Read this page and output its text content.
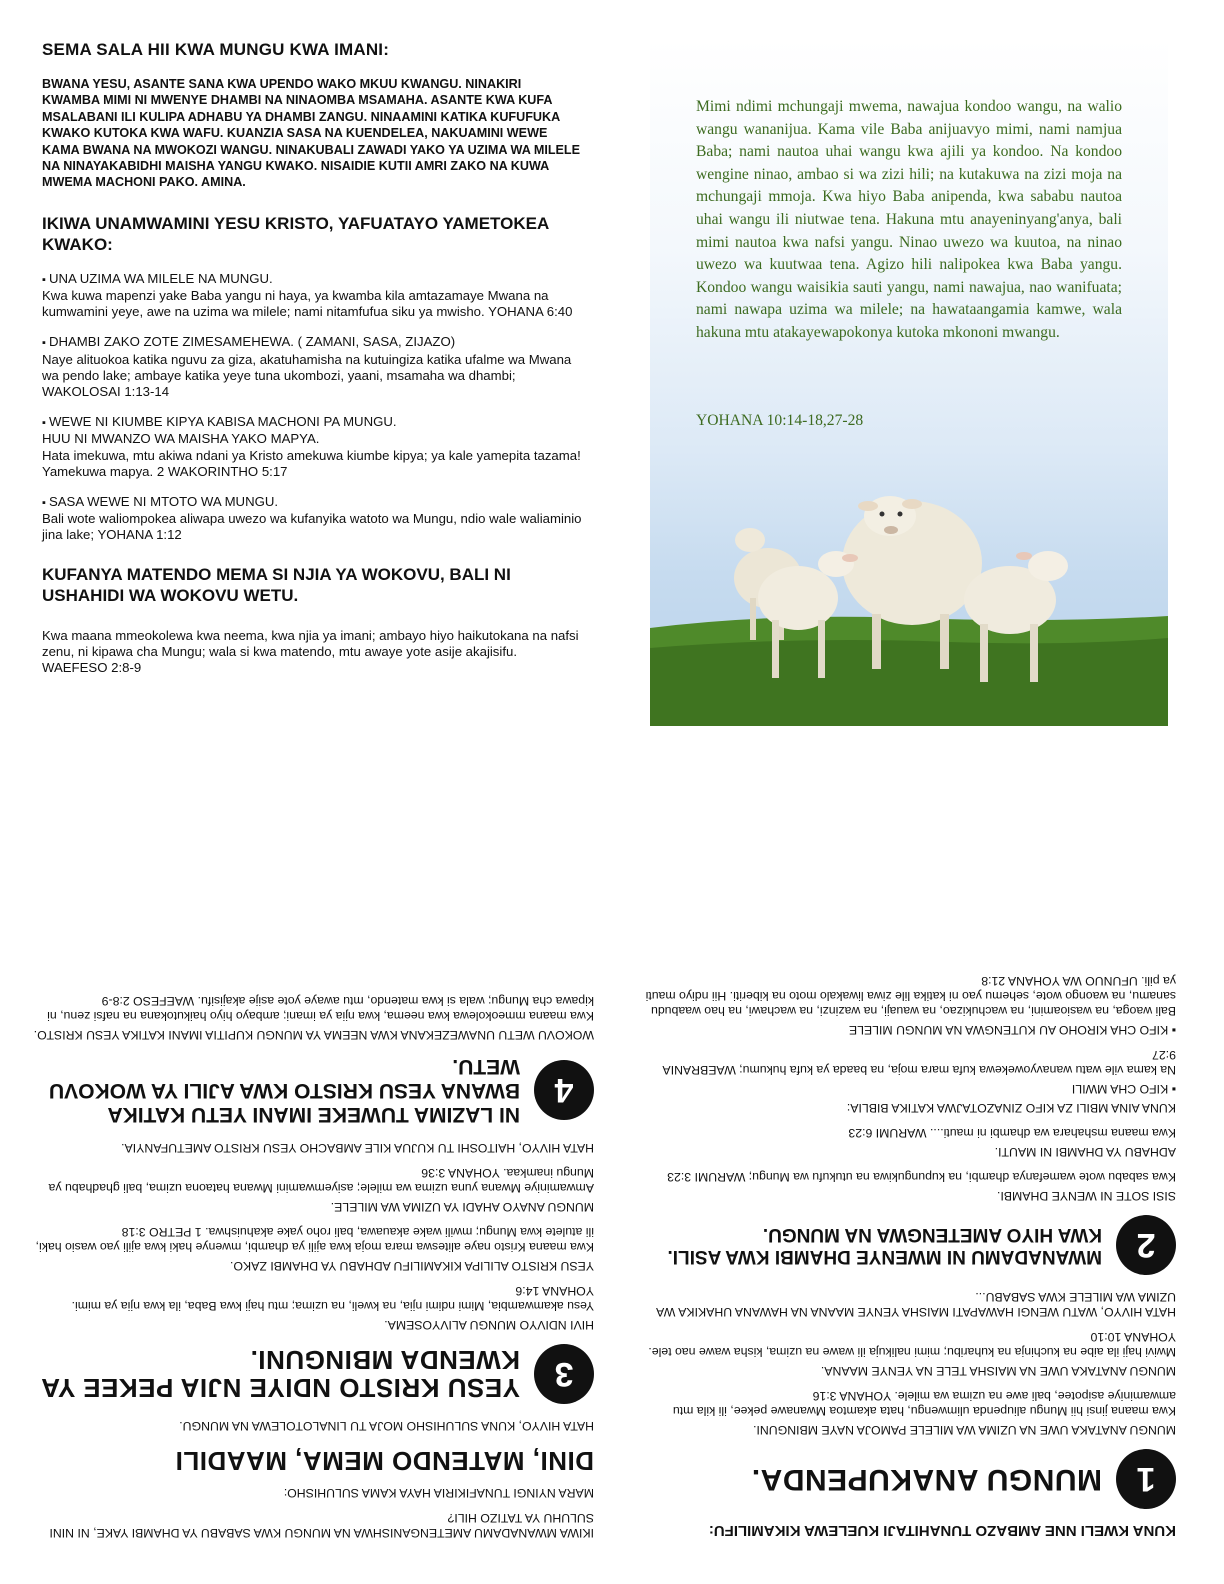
SEMA SALA HII KWA MUNGU KWA IMANI:

BWANA YESU, ASANTE SANA KWA UPENDO WAKO MKUU KWANGU. NINAKIRI KWAMBA MIMI NI MWENYE DHAMBI NA NINAOMBA MSAMAHA. ASANTE KWA KUFA MSALABANI ILI KULIPA ADHABU YA DHAMBI ZANGU. NINAAMINI KATIKA KUFUFUKA KWAKO KUTOKA KWA WAFU. KUANZIA SASA NA KUENDELEA, NAKUAMINI WEWE KAMA BWANA NA MWOKOZI WANGU. NINAKUBALI ZAWADI YAKO YA UZIMA WA MILELE NA NINAYAKABIDHI MAISHA YANGU KWAKO. NISAIDIE KUTII AMRI ZAKO NA KUWA MWEMA MACHONI PAKO. AMINA.

IKIWA UNAMWAMINI YESU KRISTO, YAFUATAYO YAMETOKEA KWAKO:
▪ UNA UZIMA WA MILELE NA MUNGU.
Kwa kuwa mapenzi yake Baba yangu ni haya, ya kwamba kila amtazamaye Mwana na kumwamini yeye, awe na uzima wa milele; nami nitamfufua siku ya mwisho. YOHANA 6:40
▪ DHAMBI ZAKO ZOTE ZIMESAMEHEWA. ( ZAMANI, SASA, ZIJAZO)
Naye alituokoa katika nguvu za giza, akatuhamisha na kutuingiza katika ufalme wa Mwana wa pendo lake; ambaye katika yeye tuna ukombozi, yaani, msamaha wa dhambi; WAKOLOSAI 1:13-14
▪ WEWE NI KIUMBE KIPYA KABISA MACHONI PA MUNGU.
HUU NI MWANZO WA MAISHA YAKO MAPYA.
Hata imekuwa, mtu akiwa ndani ya Kristo amekuwa kiumbe kipya; ya kale yamepita tazama! Yamekuwa mapya. 2 WAKORINTHO 5:17
▪ SASA WEWE NI MTOTO WA MUNGU.
Bali wote waliompokea aliwapa uwezo wa kufanyika watoto wa Mungu, ndio wale waliaminio jina lake; YOHANA 1:12
KUFANYA MATENDO MEMA SI NJIA YA WOKOVU, BALI NI USHAHIDI WA WOKOVU WETU.

Kwa maana mmeokolewa kwa neema, kwa njia ya imani; ambayo hiyo haikutokana na nafsi zenu, ni kipawa cha Mungu; wala si kwa matendo, mtu awaye yote asije akajisifu. WAEFESO 2:8-9

Mimi ndimi mchungaji mwema, nawajua kondoo wangu, na walio wangu wananijua. Kama vile Baba anijuavyo mimi, nami namjua Baba; nami nautoa uhai wangu kwa ajili ya kondoo. Na kondoo wengine ninao, ambao si wa zizi hili; na kutakuwa na zizi moja na mchungaji mmoja. Kwa hiyo Baba anipenda, kwa sababu nautoa uhai wangu ili niutwae tena. Hakuna mtu anayeninyang'anya, bali mimi nautoa kwa nafsi yangu. Ninao uwezo wa kuutoa, na ninao uwezo wa kuutwaa tena. Agizo hili nalipokea kwa Baba yangu. Kondoo wangu waisikia sauti yangu, nami nawajua, nao wanifuata; nami nawapa uzima wa milele; na hawataangamia kamwe, wala hakuna mtu atakayewapokonya kutoka mkononi mwangu.

YOHANA 10:14-18,27-28

IKIWA MWANADAMU AMETENGANISHWA NA MUNGU KWA SABABU YA DHAMBI YAKE, NI NINI SULUHU YA TATIZO HILI?

MARA NYINGI TUNAFIKIRIA HAYA KAMA SULUHISHO:

DINI, MATENDO MEMA, MAADILI

HATA HIVYO, KUNA SULUHISHO MOJA TU LINALOTOLEWA NA MUNGU.

3
YESU KRISTO NDIYE NJIA PEKEE YA KWENDA MBINGUNI.

HIVI NDIVYO MUNGU ALIVYOSEMA.

Yesu akamwambia, Mimi ndimi njia, na kweli, na uzima; mtu haji kwa Baba, ila kwa njia ya mimi. YOHANA 14:6

YESU KRISTO ALILIPA KIKAMILIFU ADHABU YA DHAMBI ZAKO.

Kwa maana Kristo naye aliteswa mara moja kwa ajili ya dhambi, mwenye haki kwa ajili yao wasio haki, ili atulete kwa Mungu; mwili wake akauawa, bali roho yake akahuishwa. 1 PETRO 3:18

MUNGU ANAYO AHADI YA UZIMA WA MILELE.

Amwaminiye Mwana yuna uzima wa milele; asiyemwamini Mwana hataona uzima, bali ghadhabu ya Mungu inamkaa. YOHANA 3:36

HATA HIVYO, HAITOSHI TU KUJUA KILE AMBACHO YESU KRISTO AMETUFANYIA.

4
NI LAZIMA TUWEKE IMANI YETU KATIKA BWANA YESU KRISTO KWA AJILI YA WOKOVU WETU.

WOKOVU WETU UNAWEZEKANA KWA NEEMA YA MUNGU KUPITIA IMANI KATIKA YESU KRISTO.

Kwa maana mmeokolewa kwa neema, kwa njia ya imani; ambayo hiyo haikutokana na nafsi zenu, ni kipawa cha Mungu; wala si kwa matendo, mtu awaye yote asije akajisifu. WAEFESO 2:8-9

KUNA KWELI NNE AMBAZO TUNAHITAJI KUELEWA KIKAMILIFU:
1
MUNGU ANAKUPENDA.

MUNGU ANATAKA UWE NA UZIMA WA MILELE PAMOJA NAYE MBINGUNI.

Kwa maana jinsi hii Mungu aliupenda ulimwengu, hata akamtoa Mwanawe pekee, ili kila mtu amwaminiye asipotee, bali awe na uzima wa milele. YOHANA 3:16

MUNGU ANATAKA UWE NA MAISHA TELE NA YENYE MAANA.

Mwivi haji ila aibe na kuchinja na kuharibu; mimi nalikuja ili wawe na uzima, kisha wawe nao tele. YOHANA 10:10

HATA HIVYO, WATU WENGI HAWAPATI MAISHA YENYE MAANA NA HAWANA UHAKIKA WA UZIMA WA MILELE KWA SABABU...

2
MWANADAMU NI MWENYE DHAMBI KWA ASILI. KWA HIYO AMETENGWA NA MUNGU.

SISI SOTE NI WENYE DHAMBI.

Kwa sababu wote wamefanya dhambi, na kupungukiwa na utukufu wa Mungu; WARUMI 3:23

ADHABU YA DHAMBI NI MAUTI.

Kwa maana mshahara wa dhambi ni mauti.... WARUMI 6:23

KUNA AINA MBILI ZA KIFO ZINAZOTAJWA KATIKA BIBLIA:

▪ KIFO CHA MWILI

Na kama vile watu wanavyowekewa kufa mara moja, na baada ya kufa hukumu; WAEBRANIA 9:27

▪ KIFO CHA KIROHO AU KUTENGWA NA MUNGU MILELE

Bali waoga, na wasioamini, na wachukizao, na wauaji, na wazinzi, na wachawi, na hao waabudu sanamu, na waongo wote, sehemu yao ni katika lile ziwa liwakalo moto na kiberiti. Hii ndiyo mauti ya pili. UFUNUO WA YOHANA 21:8
